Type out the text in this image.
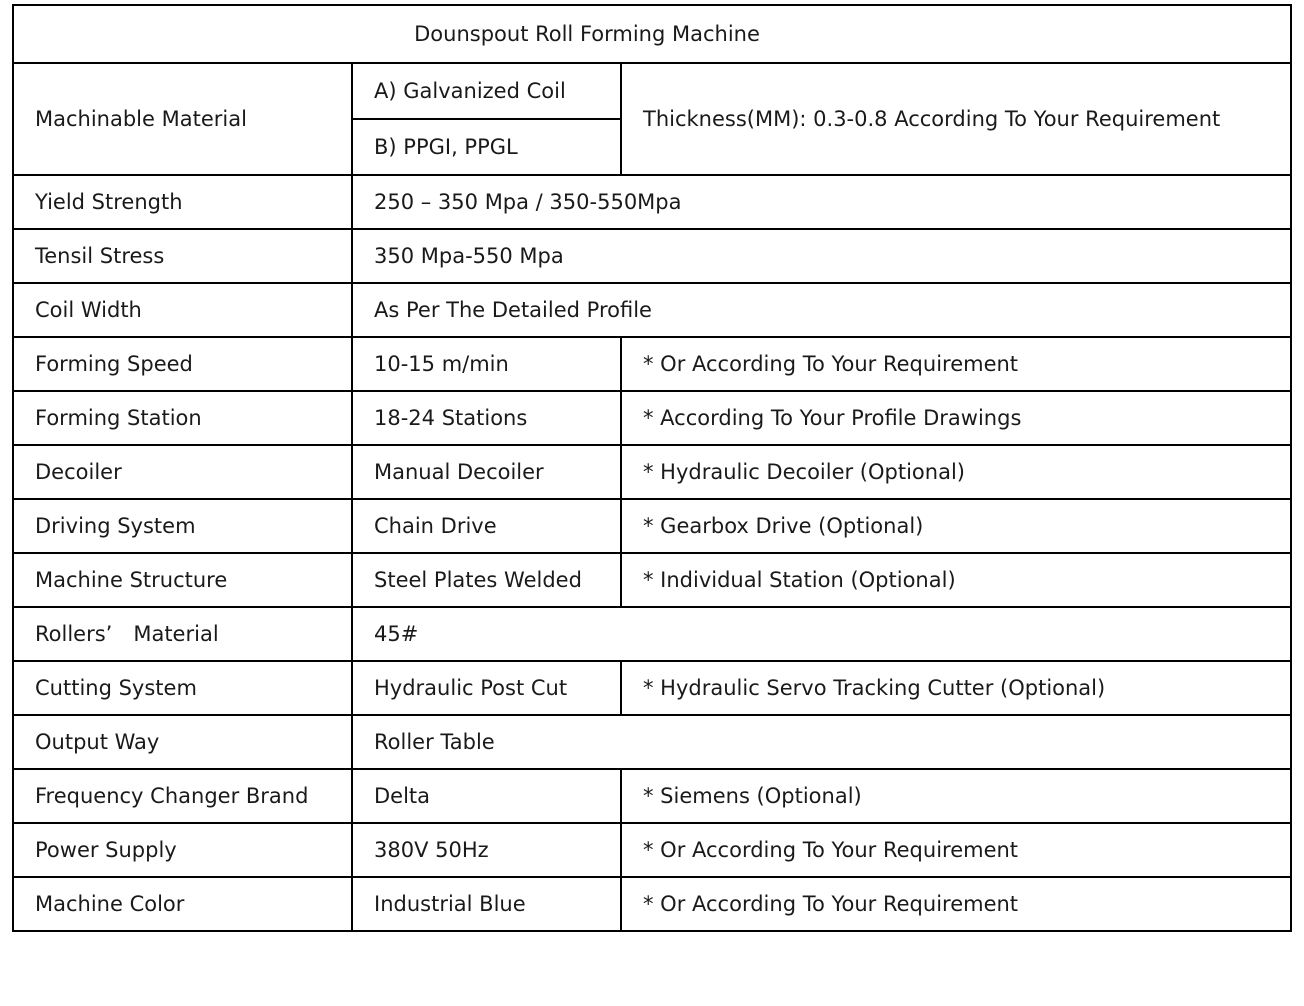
Dounspout Roll Forming Machine		
Machinable Material	A) Galvanized Coil	Thickness(MM): 0.3-0.8 According To Your Requirement
	B) PPGI, PPGL	
Yield Strength	250 – 350 Mpa / 350-550Mpa	
Tensil Stress	350 Mpa-550 Mpa	
Coil Width	As Per The Detailed Profile	
Forming Speed	10-15 m/min	* Or According To Your Requirement
Forming Station	18-24 Stations	* According To Your Profile Drawings
Decoiler	Manual Decoiler	* Hydraulic Decoiler (Optional)
Driving System	Chain Drive	* Gearbox Drive (Optional)
Machine Structure	Steel Plates Welded	* Individual Station (Optional)
Rollers’　Material	45#	
Cutting System	Hydraulic Post Cut	* Hydraulic Servo Tracking Cutter (Optional)
Output Way	Roller Table	
Frequency Changer Brand	Delta	* Siemens (Optional)
Power Supply	380V 50Hz	* Or According To Your Requirement
Machine Color	Industrial Blue	* Or According To Your Requirement
